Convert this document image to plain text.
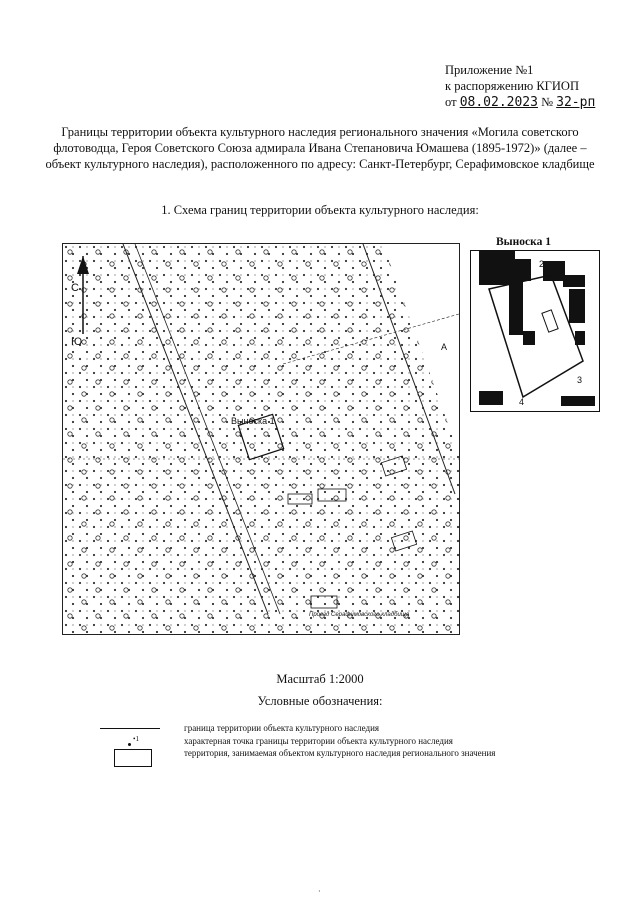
Приложение №1
к распоряжению КГИОП
от 08.02.2023 № 32-рп
Границы территории объекта культурного наследия регионального значения «Могила советского флотоводца, Героя Советского Союза адмирала Ивана Степановича Юмашева (1895-1972)» (далее – объект культурного наследия), расположенного по адресу: Санкт-Петербург, Серафимовское кладбище
1. Схема границ территории объекта культурного наследия:
С
Ю
Выноска 1
А
Проезд Серафимовского кладбища
Выноска 1
1
2
3
4
Масштаб 1:2000
Условные обозначения:
граница территории объекта культурного наследия
•1	характерная точка границы территории объекта культурного наследия
территория, занимаемая объектом культурного наследия регионального значения
·
